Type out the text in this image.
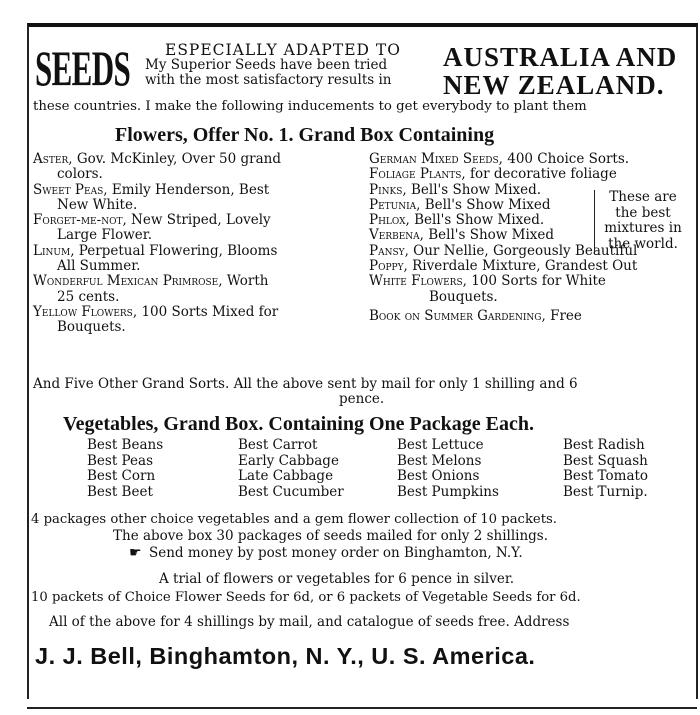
SEEDS	ESPECIALLY ADAPTED TO
My Superior Seeds have been tried
with the most satisfactory results in
AUSTRALIA AND
NEW ZEALAND.
these countries. I make the following inducements to get everybody to plant them
Flowers, Offer No. 1. Grand Box Containing
Aster, Gov. McKinley, Over 50 grand
colors.
Sweet Peas, Emily Henderson, Best
New White.
Forget-me-not, New Striped, Lovely
Large Flower.
Linum, Perpetual Flowering, Blooms
All Summer.
Wonderful Mexican Primrose, Worth
25 cents.
Yellow Flowers, 100 Sorts Mixed for
Bouquets.
German Mixed Seeds, 400 Choice Sorts.
Foliage Plants, for decorative foliage
Pinks, Bell's Show Mixed.
Petunia, Bell's Show Mixed
Phlox, Bell's Show Mixed.
Verbena, Bell's Show Mixed
Pansy, Our Nellie, Gorgeously Beautiful
Poppy, Riverdale Mixture, Grandest Out
White Flowers, 100 Sorts for White
Bouquets.
Book on Summer Gardening, Free
These are
the best
mixtures in
the world.
And Five Other Grand Sorts. All the above sent by mail for only 1 shilling and 6
pence.
Vegetables, Grand Box. Containing One Package Each.
Best Beans
Best Peas
Best Corn
Best Beet
Best Carrot
Early Cabbage
Late Cabbage
Best Cucumber
Best Lettuce
Best Melons
Best Onions
Best Pumpkins
Best Radish
Best Squash
Best Tomato
Best Turnip.
4 packages other choice vegetables and a gem flower collection of 10 packets.
The above box 30 packages of seeds mailed for only 2 shillings.
☛ Send money by post money order on Binghamton, N.Y.
A trial of flowers or vegetables for 6 pence in silver.
10 packets of Choice Flower Seeds for 6d, or 6 packets of Vegetable Seeds for 6d.
All of the above for 4 shillings by mail, and catalogue of seeds free. Address
J. J. Bell, Binghamton, N. Y., U. S. America.
